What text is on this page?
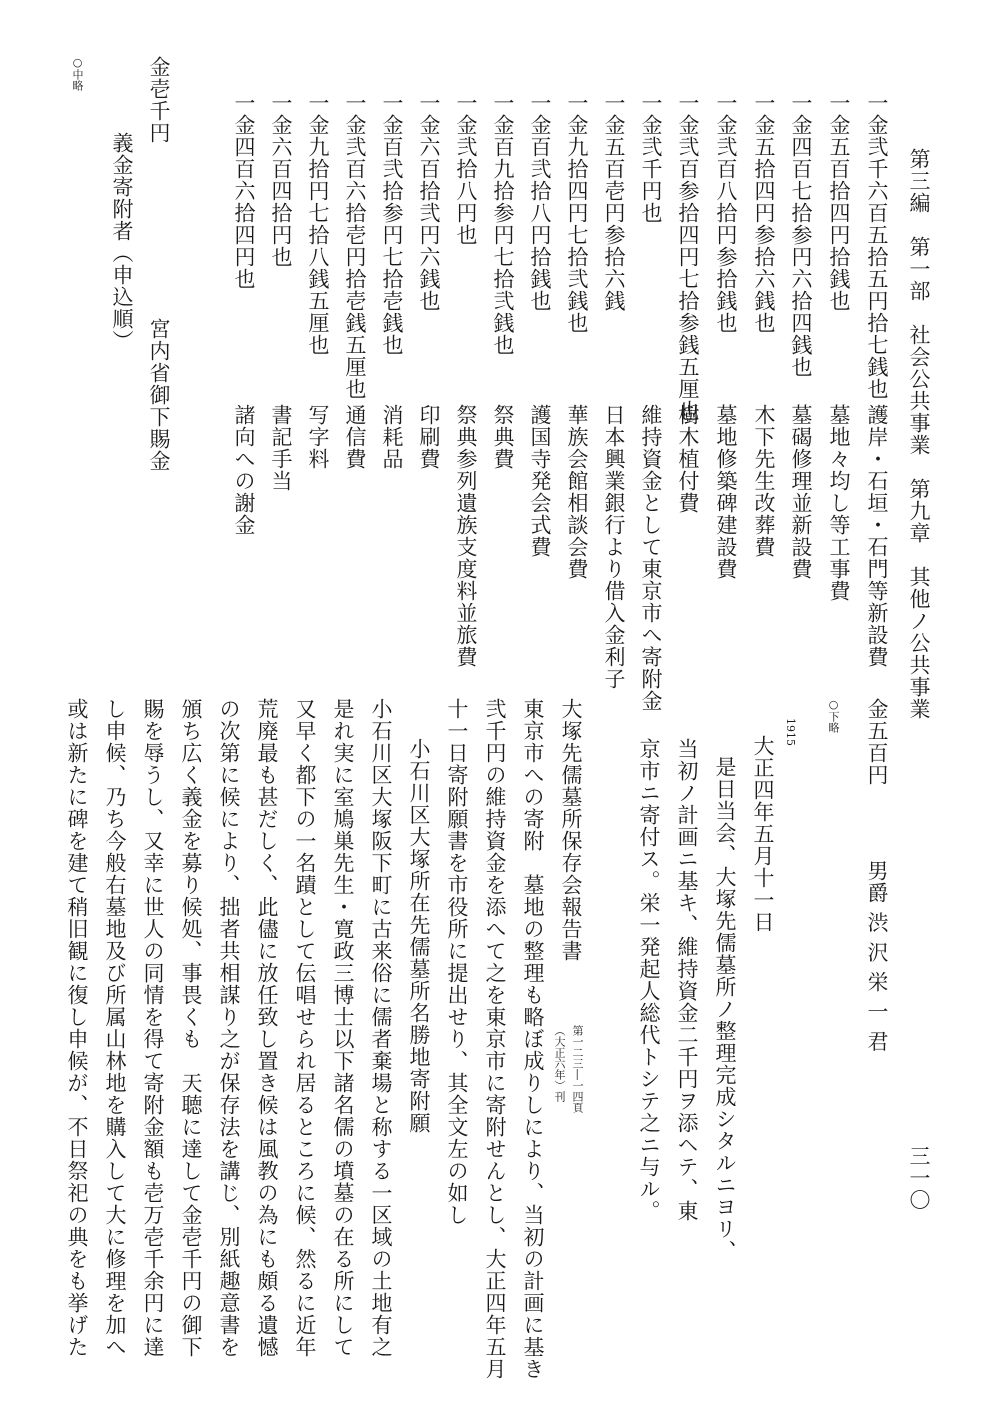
第三編　第一部　社会公共事業　第九章　其他ノ公共事業
三一〇
一金弐千六百五拾五円拾七銭也
護岸・石垣・石門等新設費
一金五百拾四円拾銭也
墓地々均し等工事費
一金四百七拾参円六拾四銭也
墓碣修理並新設費
一金五拾四円参拾六銭也
木下先生改葬費
一金弐百八拾円参拾銭也
墓地修築碑建設費
一金弐百参拾四円七拾参銭五厘也
樹木植付費
一金弐千円也
維持資金として東京市へ寄附金
一金五百壱円参拾六銭
日本興業銀行より借入金利子
一金九拾四円七拾弐銭也
華族会館相談会費
一金百弐拾八円拾銭也
護国寺発会式費
一金百九拾参円七拾弐銭也
祭典費
一金弐拾八円也
祭典参列遺族支度料並旅費
一金六百拾弐円六銭也
印刷費
一金百弐拾参円七拾壱銭也
消耗品
一金弐百六拾壱円拾壱銭五厘也
通信費
一金九拾円七拾八銭五厘也
写字料
一金六百四拾円也
書記手当
一金四百六拾四円也
諸向への謝金
金壱千円
宮内省御下賜金
義金寄附者（申込順）
○中略
金五百円
男爵 渋 沢 栄 一 君
○下略
1915
大正四年五月十一日
是日当会、大塚先儒墓所ノ整理完成シタルニヨリ、
当初ノ計画ニ基キ、維持資金二千円ヲ添ヘテ、東
京市ニ寄付ス。栄一発起人総代トシテ之ニ与ル。
大塚先儒墓所保存会報告書
第一二三―一四頁
（大正六年）刊
東京市への寄附　墓地の整理も略ぼ成りしにより、当初の計画に基き
弐千円の維持資金を添へて之を東京市に寄附せんとし、大正四年五月
十一日寄附願書を市役所に提出せり、其全文左の如し
小石川区大塚所在先儒墓所名勝地寄附願
小石川区大塚阪下町に古来俗に儒者棄場と称する一区域の土地有之
是れ実に室鳩巣先生・寛政三博士以下諸名儒の墳墓の在る所にして
又早く都下の一名蹟として伝唱せられ居るところに候、然るに近年
荒廃最も甚だしく、此儘に放任致し置き候は風教の為にも頗る遺憾
の次第に候により、拙者共相謀り之が保存法を講じ、別紙趣意書を
頒ち広く義金を募り候処、事畏くも　天聴に達して金壱千円の御下
賜を辱うし、又幸に世人の同情を得て寄附金額も壱万壱千余円に達
し申候、乃ち今般右墓地及び所属山林地を購入して大に修理を加へ
或は新たに碑を建て稍旧観に復し申候が、不日祭祀の典をも挙げた
